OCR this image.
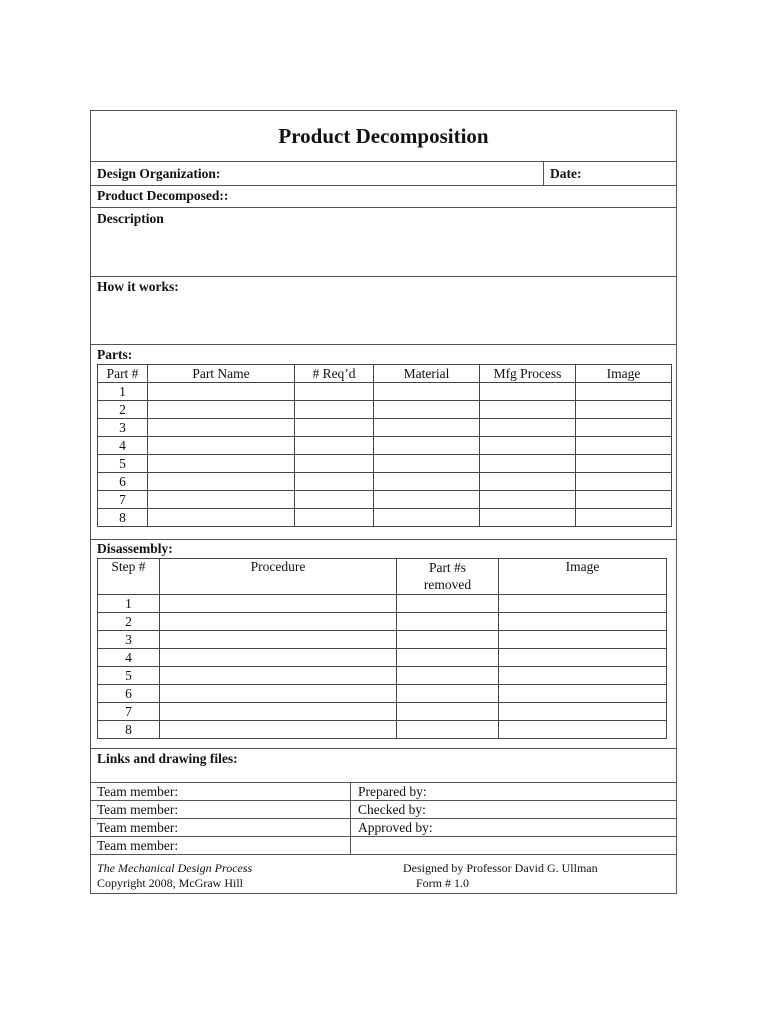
Product Decomposition
Design Organization:	Date:
Product Decomposed::
Description
How it works:
Parts:
Part #	Part Name	# Req’d	Material	Mfg Process	Image
1					
2					
3					
4					
5					
6					
7					
8					
Disassembly:
Step #	Procedure	Part #s removed	Image
1			
2			
3			
4			
5			
6			
7			
8			
Links and drawing files:
Team member:	Prepared by:
Team member:	Checked by:
Team member:	Approved by:
Team member:
The Mechanical Design Process
Copyright 2008, McGraw Hill
Designed by Professor David G. Ullman
Form # 1.0
